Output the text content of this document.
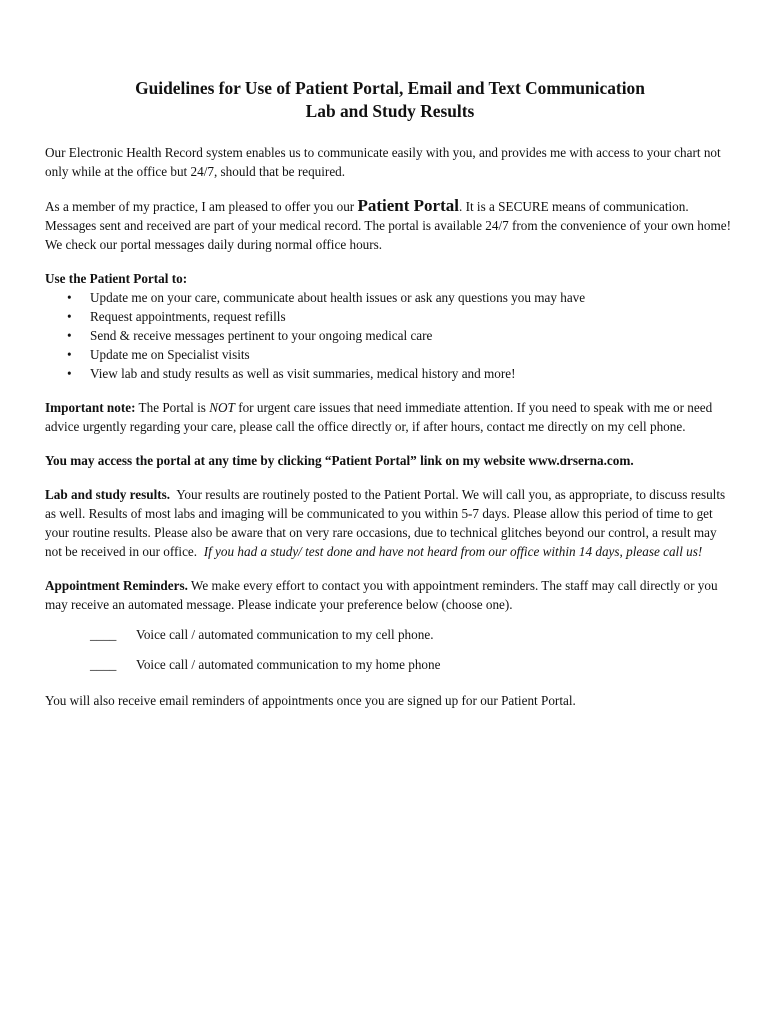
Guidelines for Use of Patient Portal, Email and Text Communication
Lab and Study Results

Our Electronic Health Record system enables us to communicate easily with you, and provides me with access to your chart not only while at the office but 24/7, should that be required.

As a member of my practice, I am pleased to offer you our Patient Portal. It is a SECURE means of communication. Messages sent and received are part of your medical record. The portal is available 24/7 from the convenience of your own home! We check our portal messages daily during normal office hours.

Use the Patient Portal to:
• Update me on your care, communicate about health issues or ask any questions you may have
• Request appointments, request refills
• Send & receive messages pertinent to your ongoing medical care
• Update me on Specialist visits
• View lab and study results as well as visit summaries, medical history and more!

Important note: The Portal is NOT for urgent care issues that need immediate attention. If you need to speak with me or need advice urgently regarding your care, please call the office directly or, if after hours, contact me directly on my cell phone.

You may access the portal at any time by clicking “Patient Portal” link on my website www.drserna.com.

Lab and study results.  Your results are routinely posted to the Patient Portal. We will call you, as appropriate, to discuss results as well. Results of most labs and imaging will be communicated to you within 5-7 days. Please allow this period of time to get your routine results. Please also be aware that on very rare occasions, due to technical glitches beyond our control, a result may not be received in our office.  If you had a study/ test done and have not heard from our office within 14 days, please call us!

Appointment Reminders. We make every effort to contact you with appointment reminders. The staff may call directly or you may receive an automated message. Please indicate your preference below (choose one).

____ Voice call / automated communication to my cell phone.
____ Voice call / automated communication to my home phone

You will also receive email reminders of appointments once you are signed up for our Patient Portal.
